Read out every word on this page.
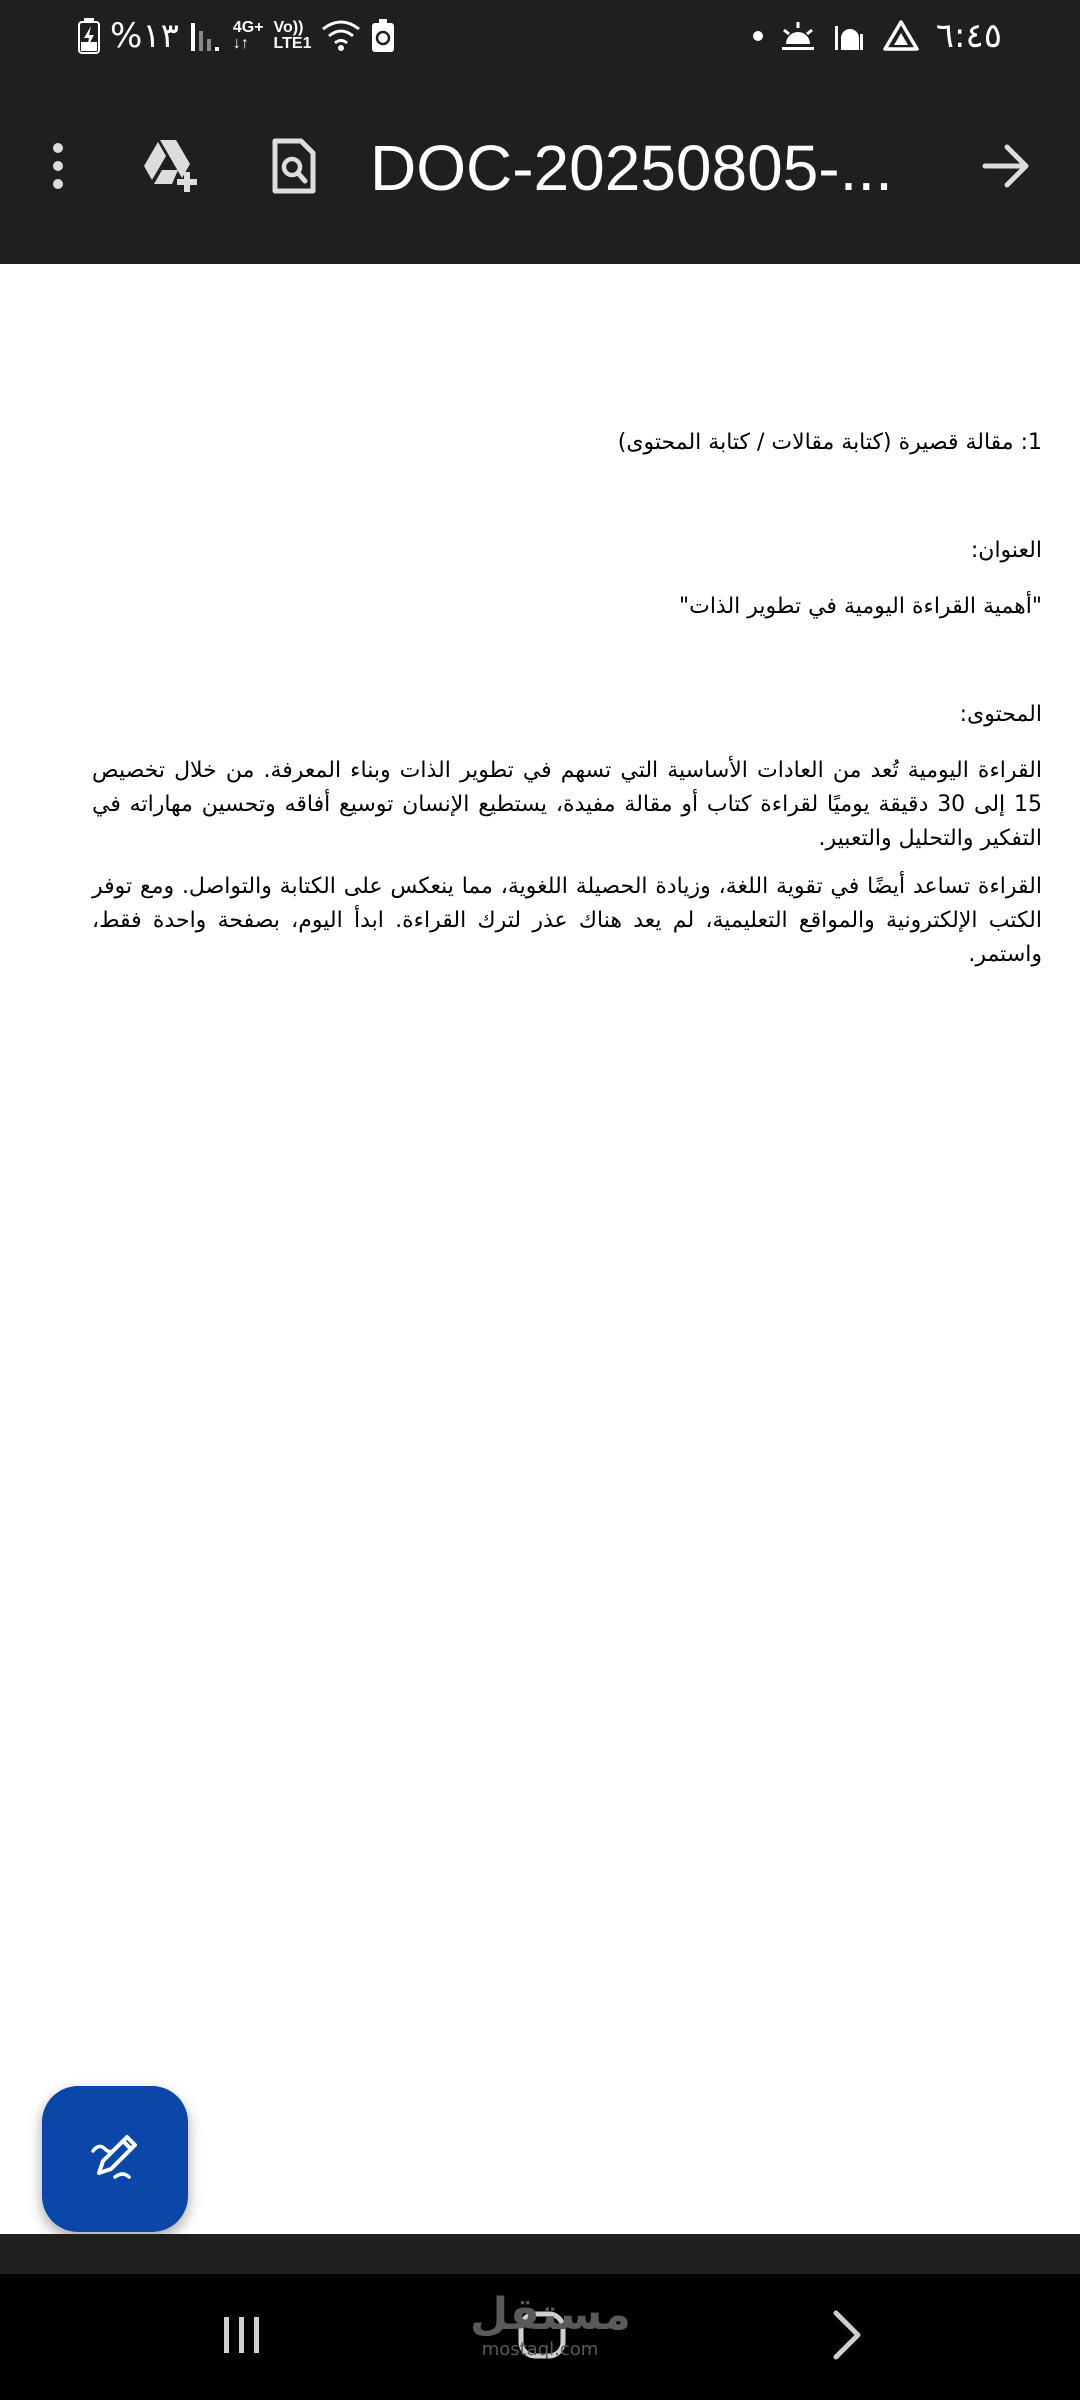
%١٣	4G+
↓↑
Vo))
LTE1	٦:٤٥
DOC-20250805-...

1: مقالة قصيرة (كتابة مقالات / كتابة المحتوى)

العنوان:

"أهمية القراءة اليومية في تطوير الذات"

المحتوى:

القراءة اليومية تُعد من العادات الأساسية التي تسهم في تطوير الذات وبناء المعرفة. من خلال تخصيص 15 إلى 30 دقيقة يوميًا لقراءة كتاب أو مقالة مفيدة، يستطيع الإنسان توسيع أفاقه وتحسين مهاراته في التفكير والتحليل والتعبير.

القراءة تساعد أيضًا في تقوية اللغة، وزيادة الحصيلة اللغوية، مما ينعكس على الكتابة والتواصل. ومع توفر الكتب الإلكترونية والمواقع التعليمية، لم يعد هناك عذر لترك القراءة. ابدأ اليوم، بصفحة واحدة فقط، واستمر.

مستقل
mostaql.com
